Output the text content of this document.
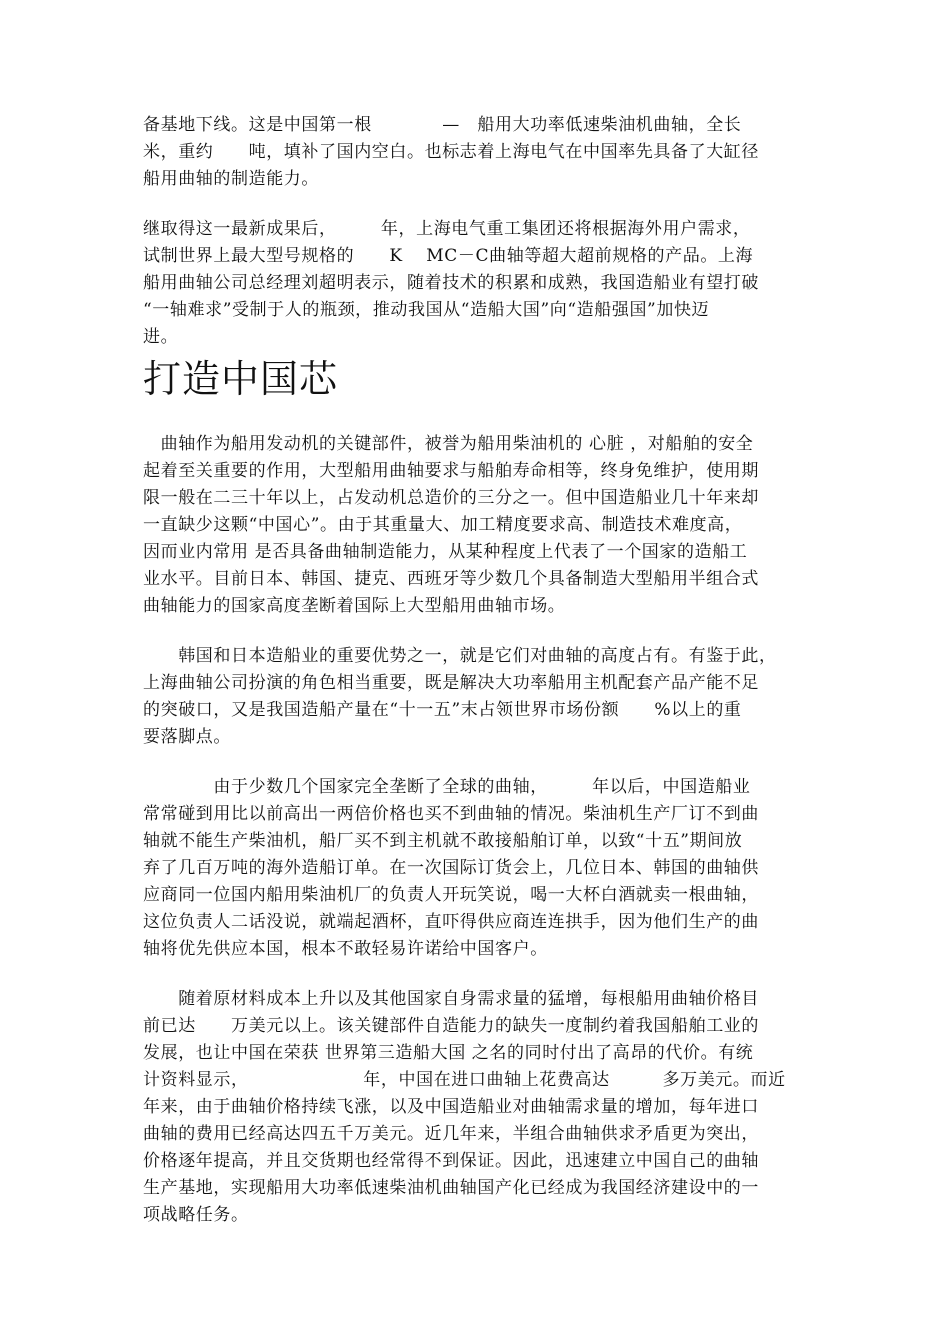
备基地下线。这是中国第一根　　　　—　船用大功率低速柴油机曲轴，全长
米，重约　　吨，填补了国内空白。也标志着上海电气在中国率先具备了大缸径
船用曲轴的制造能力。
继取得这一最新成果后，　　　年，上海电气重工集团还将根据海外用户需求，
试制世界上最大型号规格的　　K　 MC－C曲轴等超大超前规格的产品。上海
船用曲轴公司总经理刘超明表示，随着技术的积累和成熟，我国造船业有望打破
“一轴难求”受制于人的瓶颈，推动我国从“造船大国”向“造船强国”加快迈
进。
打造中国芯
　曲轴作为船用发动机的关键部件，被誉为船用柴油机的 心脏 ，对船舶的安全
起着至关重要的作用，大型船用曲轴要求与船舶寿命相等，终身免维护，使用期
限一般在二三十年以上，占发动机总造价的三分之一。但中国造船业几十年来却
一直缺少这颗“中国心”。由于其重量大、加工精度要求高、制造技术难度高，
因而业内常用 是否具备曲轴制造能力，从某种程度上代表了一个国家的造船工
业水平。目前日本、韩国、捷克、西班牙等少数几个具备制造大型船用半组合式
曲轴能力的国家高度垄断着国际上大型船用曲轴市场。
　　韩国和日本造船业的重要优势之一，就是它们对曲轴的高度占有。有鉴于此，
上海曲轴公司扮演的角色相当重要，既是解决大功率船用主机配套产品产能不足
的突破口，又是我国造船产量在“十一五”末占领世界市场份额　　%以上的重
要落脚点。
　　　　由于少数几个国家完全垄断了全球的曲轴，　　　年以后，中国造船业
常常碰到用比以前高出一两倍价格也买不到曲轴的情况。柴油机生产厂订不到曲
轴就不能生产柴油机，船厂买不到主机就不敢接船舶订单，以致“十五”期间放
弃了几百万吨的海外造船订单。在一次国际订货会上，几位日本、韩国的曲轴供
应商同一位国内船用柴油机厂的负责人开玩笑说，喝一大杯白酒就卖一根曲轴，
这位负责人二话没说，就端起酒杯，直吓得供应商连连拱手，因为他们生产的曲
轴将优先供应本国，根本不敢轻易许诺给中国客户。
　　随着原材料成本上升以及其他国家自身需求量的猛增，每根船用曲轴价格目
前已达　　万美元以上。该关键部件自造能力的缺失一度制约着我国船舶工业的
发展，也让中国在荣获 世界第三造船大国 之名的同时付出了高昂的代价。有统
计资料显示，　　　　　　　年，中国在进口曲轴上花费高达　　　多万美元。而近
年来，由于曲轴价格持续飞涨，以及中国造船业对曲轴需求量的增加，每年进口
曲轴的费用已经高达四五千万美元。近几年来，半组合曲轴供求矛盾更为突出，
价格逐年提高，并且交货期也经常得不到保证。因此，迅速建立中国自己的曲轴
生产基地，实现船用大功率低速柴油机曲轴国产化已经成为我国经济建设中的一
项战略任务。
